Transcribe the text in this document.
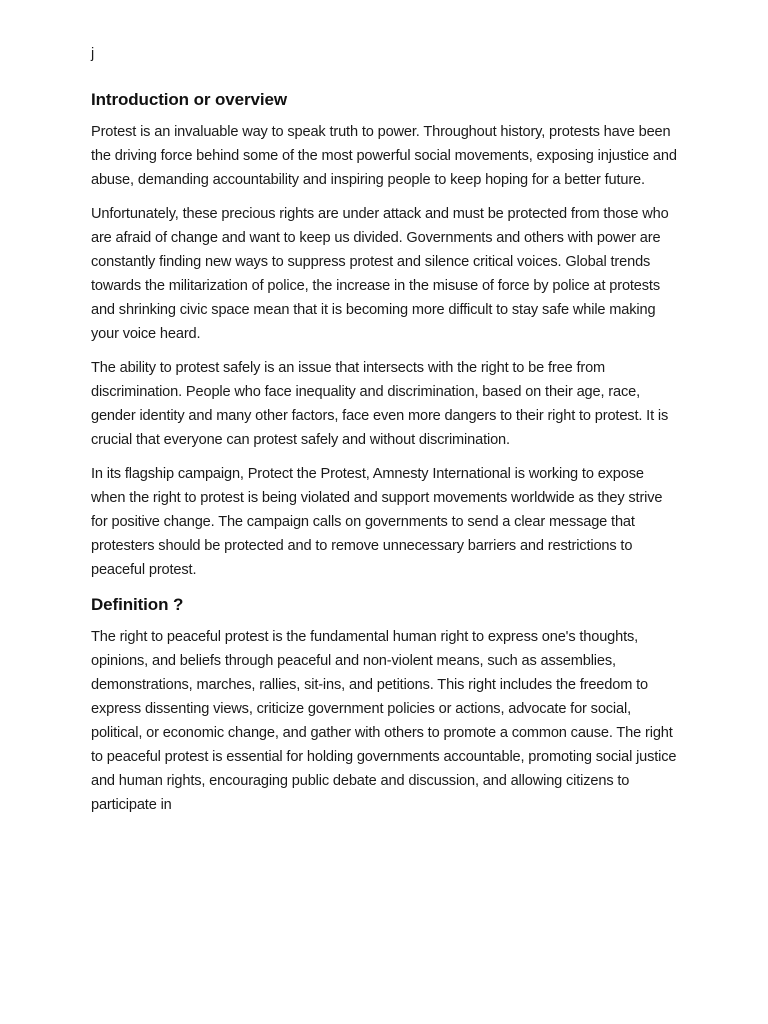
j
Introduction or overview

Protest is an invaluable way to speak truth to power. Throughout history, protests have been the driving force behind some of the most powerful social movements, exposing injustice and abuse, demanding accountability and inspiring people to keep hoping for a better future.

Unfortunately, these precious rights are under attack and must be protected from those who are afraid of change and want to keep us divided. Governments and others with power are constantly finding new ways to suppress protest and silence critical voices. Global trends towards the militarization of police, the increase in the misuse of force by police at protests and shrinking civic space mean that it is becoming more difficult to stay safe while making your voice heard.

The ability to protest safely is an issue that intersects with the right to be free from discrimination. People who face inequality and discrimination, based on their age, race, gender identity and many other factors, face even more dangers to their right to protest. It is crucial that everyone can protest safely and without discrimination.

In its flagship campaign, Protect the Protest, Amnesty International is working to expose when the right to protest is being violated and support movements worldwide as they strive for positive change. The campaign calls on governments to send a clear message that protesters should be protected and to remove unnecessary barriers and restrictions to peaceful protest.

Definition ?

The right to peaceful protest is the fundamental human right to express one's thoughts, opinions, and beliefs through peaceful and non-violent means, such as assemblies, demonstrations, marches, rallies, sit-ins, and petitions. This right includes the freedom to express dissenting views, criticize government policies or actions, advocate for social, political, or economic change, and gather with others to promote a common cause. The right to peaceful protest is essential for holding governments accountable, promoting social justice and human rights, encouraging public debate and discussion, and allowing citizens to participate in
